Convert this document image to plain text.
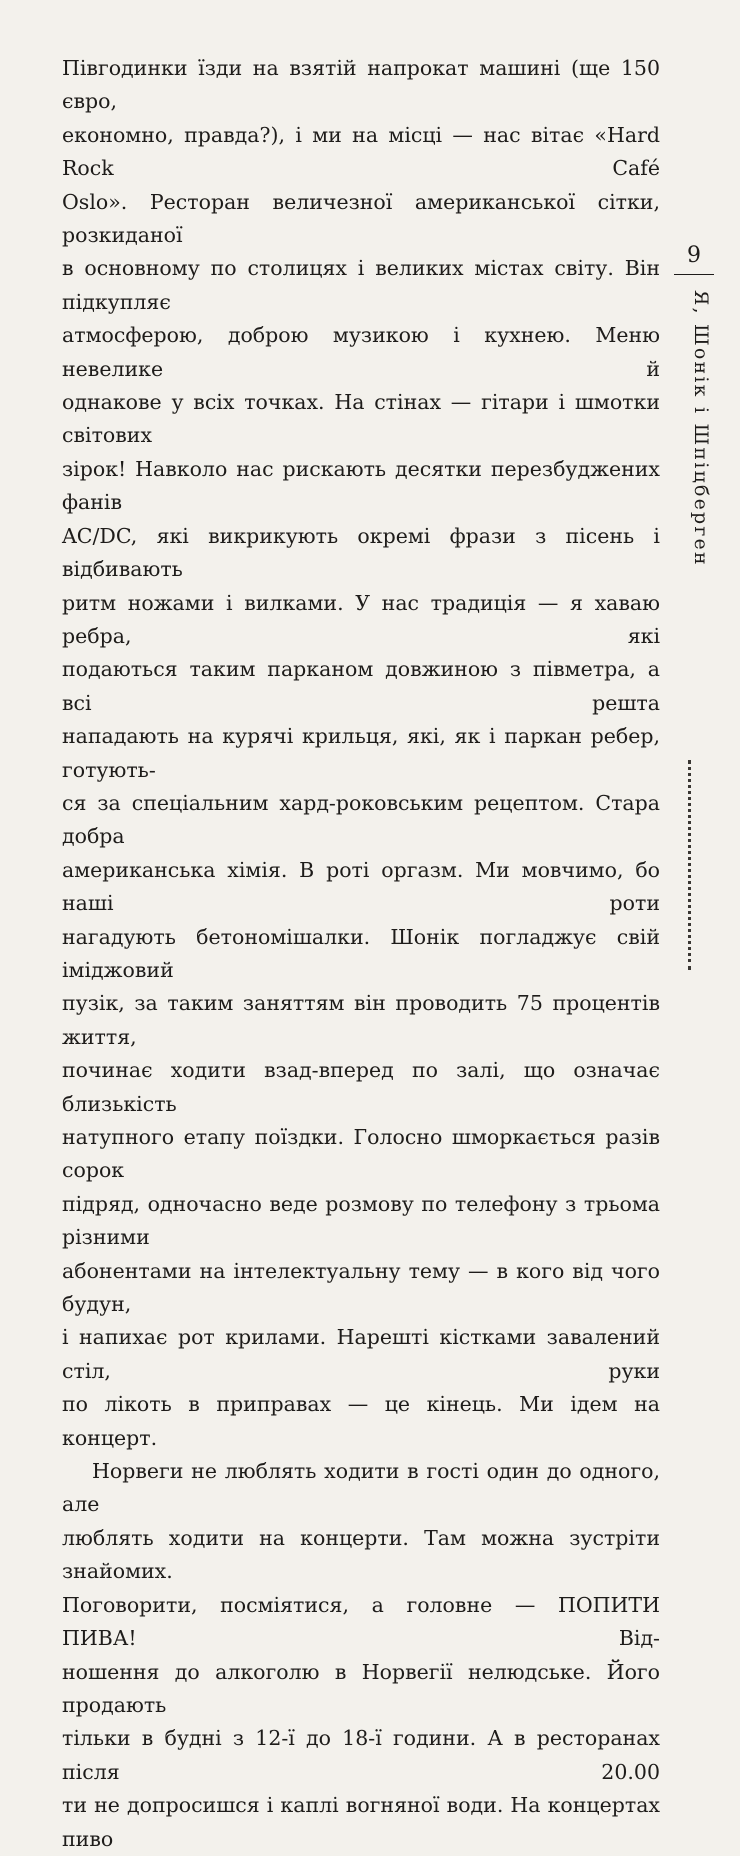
Півгодинки їзди на взятій напрокат машині (ще 150 євро,

економно, правда?), і ми на місці — нас вітає «Hard Rock Café

Oslo». Ресторан величезної американської сітки, розкиданої

в основному по столицях і великих містах світу. Він підкупляє

атмосферою, доброю музикою і кухнею. Меню невелике й

однакове у всіх точках. На стінах — гітари і шмотки світових

зірок! Навколо нас рискають десятки перезбуджених фанів

AC/DC, які викрикують окремі фрази з пісень і відбивають

ритм ножами і вилками. У нас традиція — я хаваю ребра, які

подаються таким парканом довжиною з півметра, а всі решта

нападають на курячі крильця, які, як і паркан ребер, готують-

ся за спеціальним хард-роковським рецептом. Стара добра

американська хімія. В роті оргазм. Ми мовчимо, бо наші роти

нагадують бетономішалки. Шонік погладжує свій іміджовий

пузік, за таким заняттям він проводить 75 процентів життя,

починає ходити взад-вперед по залі, що означає близькість

натупного етапу поїздки. Голосно шморкається разів сорок

підряд, одночасно веде розмову по телефону з трьома різними

абонентами на інтелектуальну тему — в кого від чого будун,

і напихає рот крилами. Нарешті кістками завалений стіл, руки

по лікоть в приправах — це кінець. Ми ідем на концерт.

Норвеги не люблять ходити в гості один до одного, але

люблять ходити на концерти. Там можна зустріти знайомих.

Поговорити, посміятися, а головне — ПОПИТИ ПИВА! Від-

ношення до алкоголю в Норвегії нелюдське. Його продають

тільки в будні з 12-ї до 18-ї години. А в ресторанах після 20.00

ти не допросишся і каплі вогняної води. На концертах пиво

9
Я, Шонік і Шпіцберген
